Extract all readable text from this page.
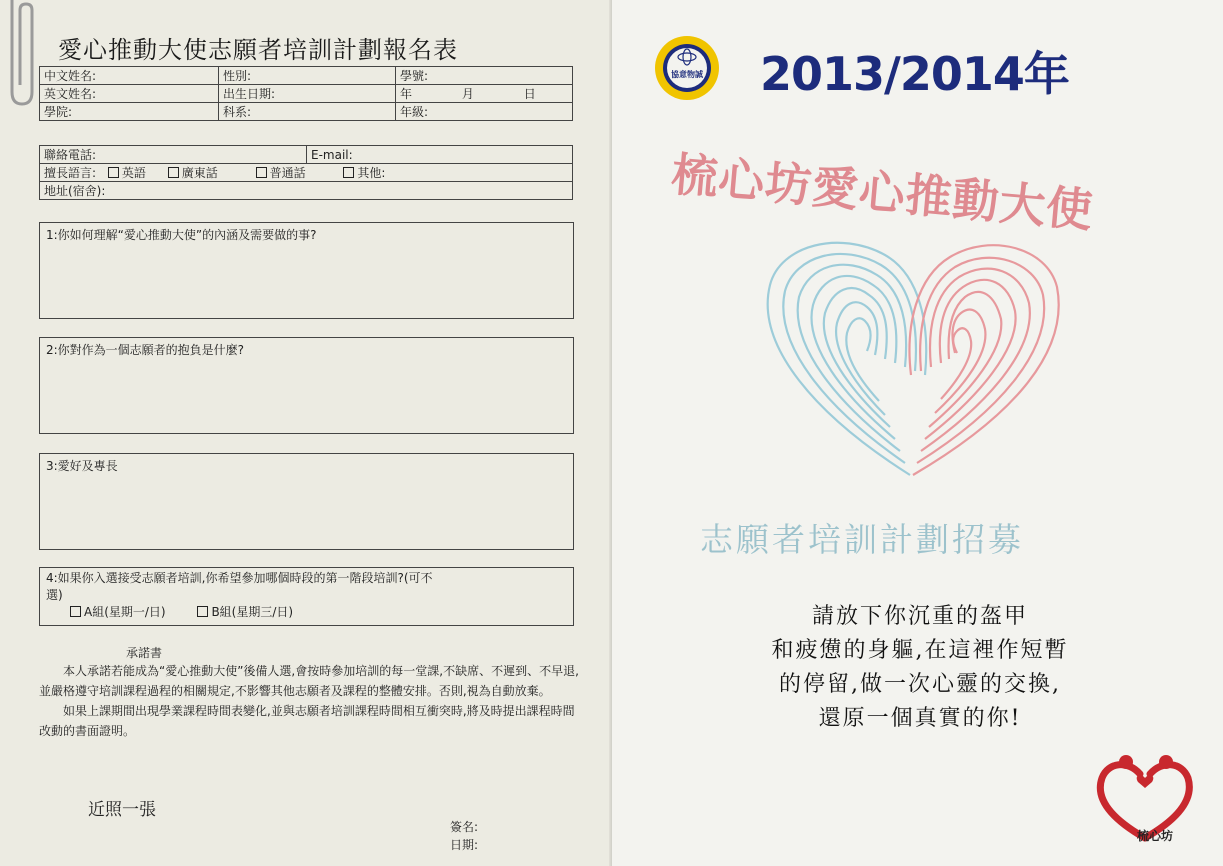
愛心推動大使志願者培訓計劃報名表
中文姓名:	性別:	學號:
英文姓名:	出生日期:	年 月 日
學院:	科系:	年級:
聯絡電話:	E-mail:
擅長語言: 英語	廣東話	普通話	其他:
地址(宿舍):
1:你如何理解“愛心推動大使”的內涵及需要做的事?
2:你對作為一個志願者的抱負是什麼?
3:愛好及專長
4:如果你入選接受志願者培訓,你希望參加哪個時段的第一階段培訓?(可不
選)
A組(星期一/日)	B組(星期三/日)
承諾書

本人承諾若能成為“愛心推動大使”後備人選,會按時參加培訓的每一堂課,不缺席、不遲到、不早退,並嚴格遵守培訓課程過程的相關規定,不影響其他志願者及課程的整體安排。否則,視為自動放棄。

如果上課期間出現學業課程時間表變化,並與志願者培訓課程時間相互衝突時,將及時提出課程時間改動的書面證明。

近照一張
簽名:
日期:
協意物誠 2013/2014年
梳心坊愛心推動大使
志願者培訓計劃招募
請放下你沉重的盔甲
和疲憊的身軀,在這裡作短暫
的停留,做一次心靈的交換,
還原一個真實的你!
梳心坊
